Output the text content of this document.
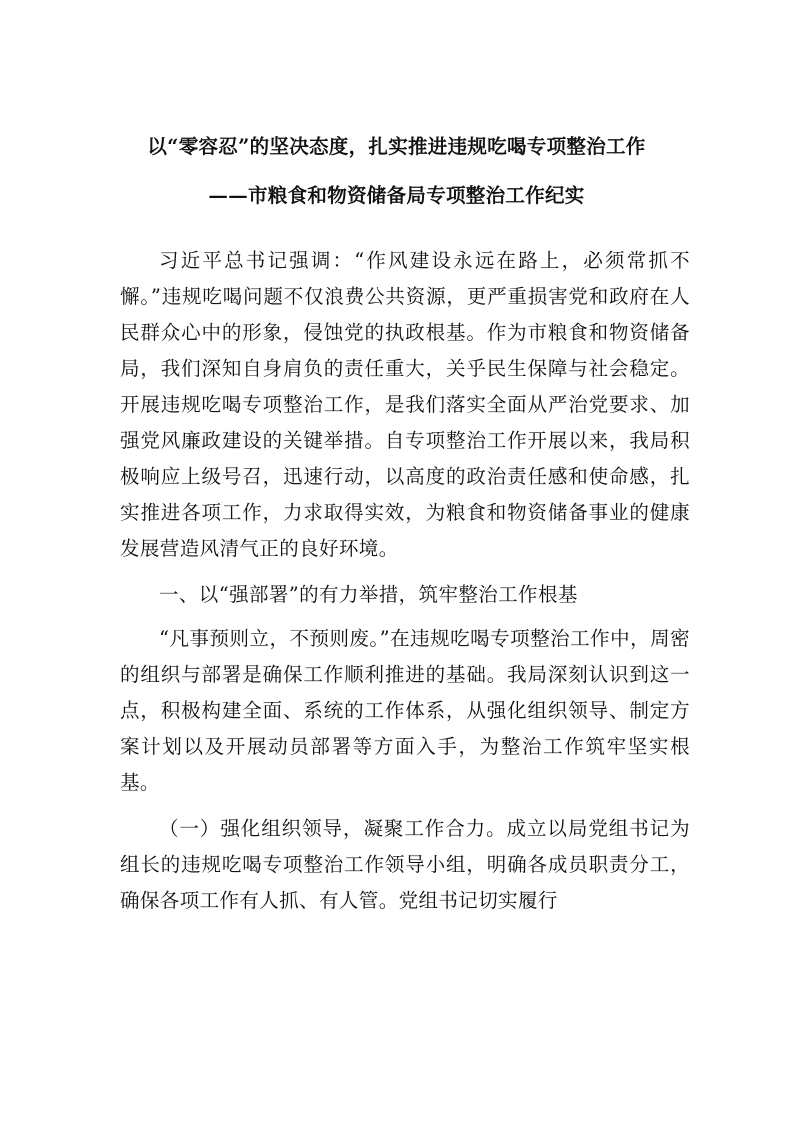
以“零容忍”的坚决态度，扎实推进违规吃喝专项整治工作
——市粮食和物资储备局专项整治工作纪实

习近平总书记强调：“作风建设永远在路上，必须常抓不懈。”违规吃喝问题不仅浪费公共资源，更严重损害党和政府在人民群众心中的形象，侵蚀党的执政根基。作为市粮食和物资储备局，我们深知自身肩负的责任重大，关乎民生保障与社会稳定。开展违规吃喝专项整治工作，是我们落实全面从严治党要求、加强党风廉政建设的关键举措。自专项整治工作开展以来，我局积极响应上级号召，迅速行动，以高度的政治责任感和使命感，扎实推进各项工作，力求取得实效，为粮食和物资储备事业的健康发展营造风清气正的良好环境。

一、以“强部署”的有力举措，筑牢整治工作根基

“凡事预则立，不预则废。”在违规吃喝专项整治工作中，周密的组织与部署是确保工作顺利推进的基础。我局深刻认识到这一点，积极构建全面、系统的工作体系，从强化组织领导、制定方案计划以及开展动员部署等方面入手，为整治工作筑牢坚实根基。

（一）强化组织领导，凝聚工作合力。成立以局党组书记为组长的违规吃喝专项整治工作领导小组，明确各成员职责分工，确保各项工作有人抓、有人管。党组书记切实履行
